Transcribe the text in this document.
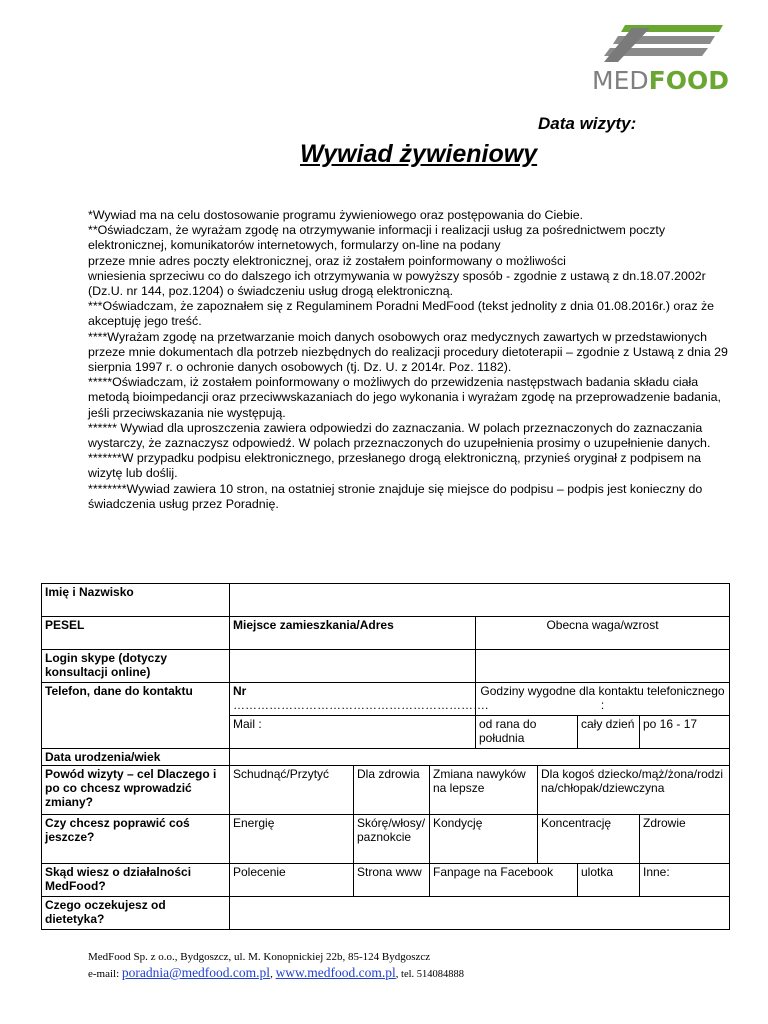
MEDFOOD
Data wizyty:
Wywiad żywieniowy

*Wywiad ma na celu dostosowanie programu żywieniowego oraz postępowania do Ciebie.

**Oświadczam, że wyrażam zgodę na otrzymywanie informacji i realizacji usług za pośrednictwem poczty elektronicznej, komunikatorów internetowych, formularzy on-line na podany

przeze mnie adres poczty elektronicznej, oraz iż zostałem poinformowany o możliwości

wniesienia sprzeciwu co do dalszego ich otrzymywania w powyższy sposób - zgodnie z ustawą z dn.18.07.2002r (Dz.U. nr 144, poz.1204) o świadczeniu usług drogą elektroniczną.

***Oświadczam, że zapoznałem się z Regulaminem Poradni MedFood (tekst jednolity z dnia 01.08.2016r.) oraz że akceptuję jego treść.

****Wyrażam zgodę na przetwarzanie moich danych osobowych oraz medycznych zawartych w przedstawionych przeze mnie dokumentach dla potrzeb niezbędnych do realizacji procedury dietoterapii – zgodnie z Ustawą z dnia 29 sierpnia 1997 r. o ochronie danych osobowych (tj. Dz. U. z 2014r. Poz. 1182).

*****Oświadczam, iż zostałem poinformowany o możliwych do przewidzenia następstwach badania składu ciała metodą bioimpedancji oraz przeciwwskazaniach do jego wykonania i wyrażam zgodę na przeprowadzenie badania, jeśli przeciwskazania nie występują.

****** Wywiad dla uproszczenia zawiera odpowiedzi do zaznaczania. W polach przeznaczonych do zaznaczania wystarczy, że zaznaczysz odpowiedź. W polach przeznaczonych do uzupełnienia prosimy o uzupełnienie danych.

*******W przypadku podpisu elektronicznego, przesłanego drogą elektroniczną, przynieś oryginał z podpisem na wizytę lub doślij.

********Wywiad zawiera 10 stron, na ostatniej stronie znajduje się miejsce do podpisu – podpis jest konieczny do świadczenia usług przez Poradnię.

Imię i Nazwisko							
PESEL	Miejsce zamieszkania/Adres			Obecna waga/wzrost			
Login skype (dotyczy konsultacji online)							
Telefon, dane do kontaktu	Nr
……………………………………………………….			Godziny wygodne dla kontaktu telefonicznego :			
	Mail :			od rana do południa		cały dzień	po 16 - 17
Data urodzenia/wiek							
Powód wizyty – cel Dlaczego i po co chcesz wprowadzić zmiany?	Schudnąć/Przytyć	Dla zdrowia	Zmiana nawyków na lepsze		Dla kogoś dziecko/mąż/żona/rodzina/chłopak/dziewczyna		
Czy chcesz poprawić coś jeszcze?	Energię	Skórę/włosy/ paznokcie	Kondycję		Koncentrację		Zdrowie
Skąd wiesz o działalności MedFood?	Polecenie	Strona www	Fanpage na Facebook			ulotka	Inne:
Czego oczekujesz od dietetyka?							
MedFood Sp. z o.o., Bydgoszcz, ul. M. Konopnickiej 22b, 85-124 Bydgoszcz
e-mail: poradnia@medfood.com.pl, www.medfood.com.pl, tel. 514084888
